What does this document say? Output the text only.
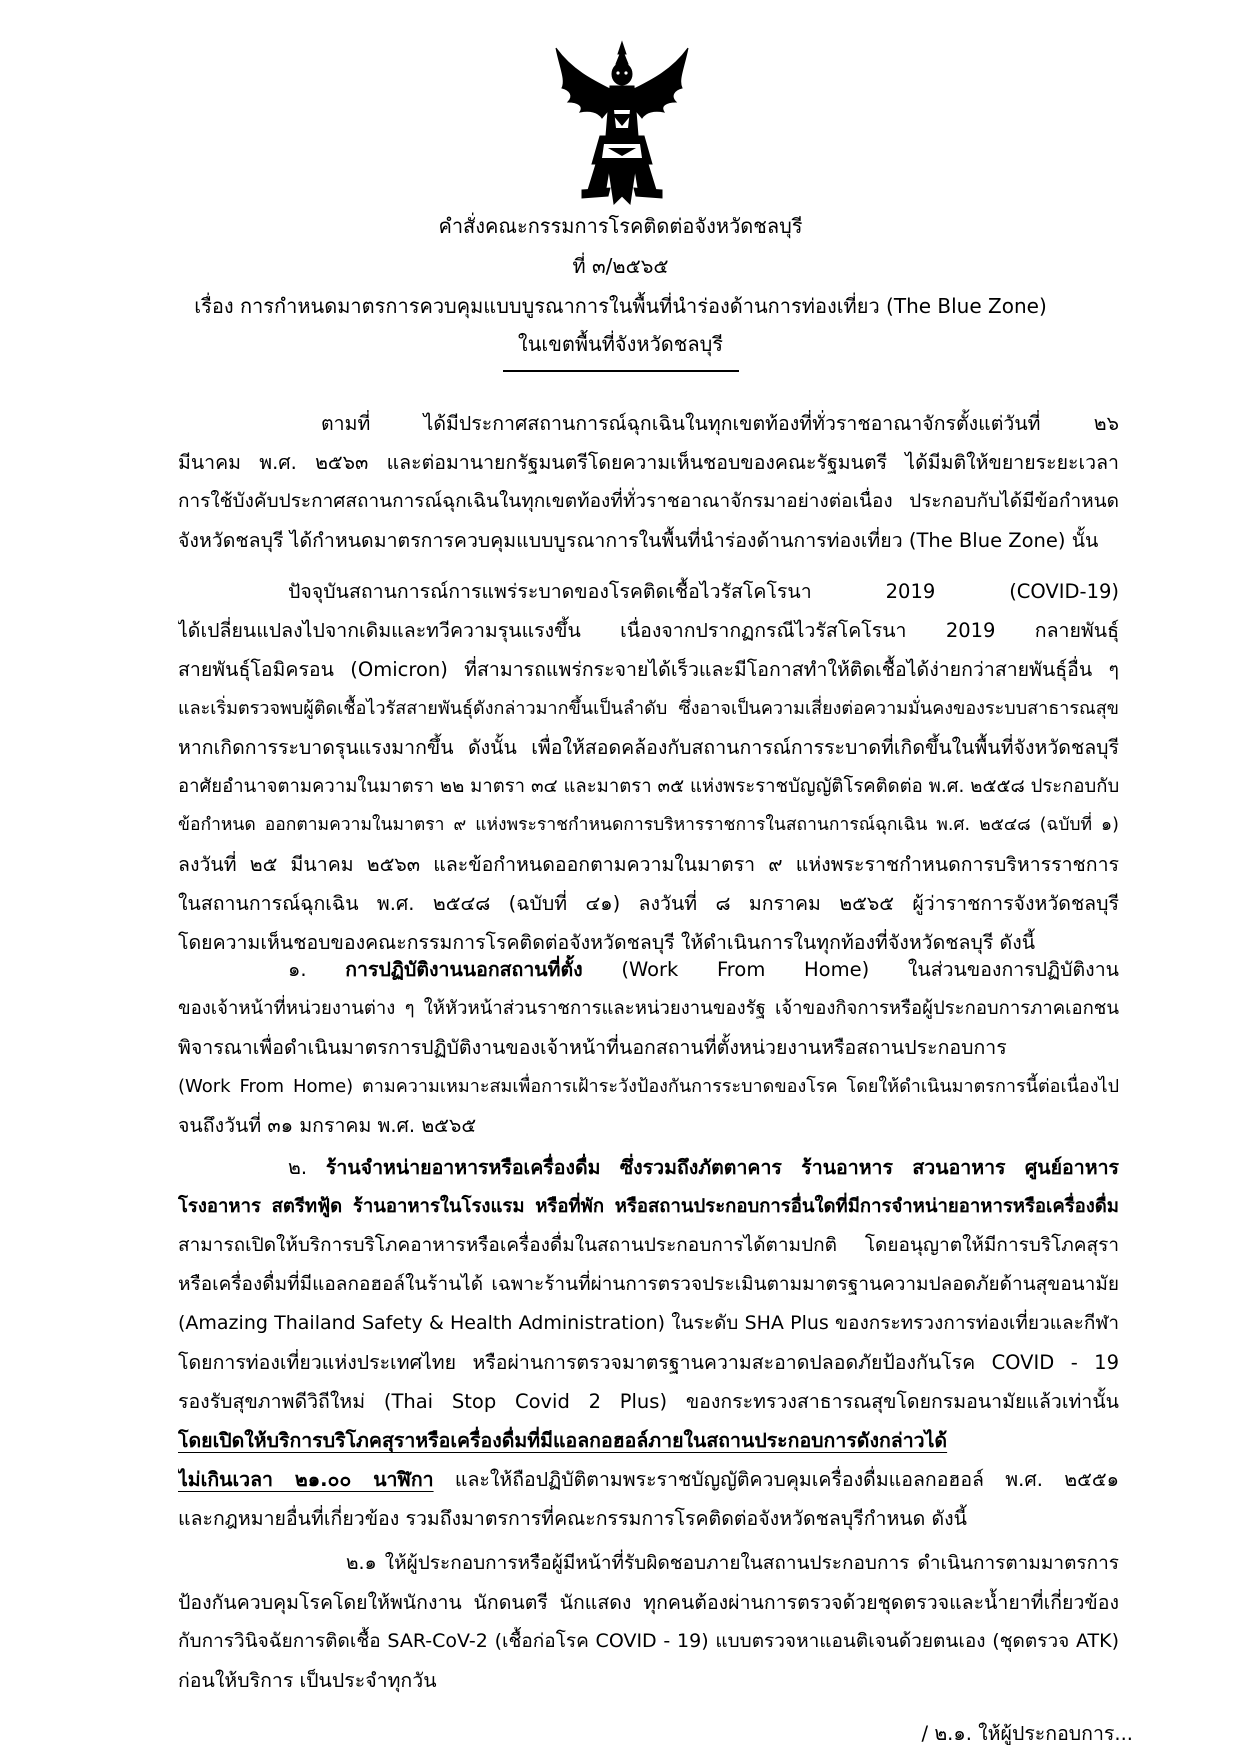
คำสั่งคณะกรรมการโรคติดต่อจังหวัดชลบุรี
ที่ ๓/๒๕๖๕
เรื่อง การกำหนดมาตรการควบคุมแบบบูรณาการในพื้นที่นำร่องด้านการท่องเที่ยว (The Blue Zone)
ในเขตพื้นที่จังหวัดชลบุรี
ตามที่ ได้มีประกาศสถานการณ์ฉุกเฉินในทุกเขตท้องที่ทั่วราชอาณาจักรตั้งแต่วันที่ ๒๖
มีนาคม พ.ศ. ๒๕๖๓ และต่อมานายกรัฐมนตรีโดยความเห็นชอบของคณะรัฐมนตรี ได้มีมติให้ขยายระยะเวลา
การใช้บังคับประกาศสถานการณ์ฉุกเฉินในทุกเขตท้องที่ทั่วราชอาณาจักรมาอย่างต่อเนื่อง ประกอบกับได้มีข้อกำหนด
จังหวัดชลบุรี ได้กำหนดมาตรการควบคุมแบบบูรณาการในพื้นที่นำร่องด้านการท่องเที่ยว (The Blue Zone) นั้น
ปัจจุบันสถานการณ์การแพร่ระบาดของโรคติดเชื้อไวรัสโคโรนา 2019 (COVID-19)
ได้เปลี่ยนแปลงไปจากเดิมและทวีความรุนแรงขึ้น เนื่องจากปรากฏกรณีไวรัสโคโรนา 2019 กลายพันธุ์
สายพันธุ์โอมิครอน (Omicron) ที่สามารถแพร่กระจายได้เร็วและมีโอกาสทำให้ติดเชื้อได้ง่ายกว่าสายพันธุ์อื่น ๆ
และเริ่มตรวจพบผู้ติดเชื้อไวรัสสายพันธุ์ดังกล่าวมากขึ้นเป็นลำดับ ซึ่งอาจเป็นความเสี่ยงต่อความมั่นคงของระบบสาธารณสุข
หากเกิดการระบาดรุนแรงมากขึ้น ดังนั้น เพื่อให้สอดคล้องกับสถานการณ์การระบาดที่เกิดขึ้นในพื้นที่จังหวัดชลบุรี
อาศัยอำนาจตามความในมาตรา ๒๒ มาตรา ๓๔ และมาตรา ๓๕ แห่งพระราชบัญญัติโรคติดต่อ พ.ศ. ๒๕๕๘ ประกอบกับ
ข้อกำหนด ออกตามความในมาตรา ๙ แห่งพระราชกำหนดการบริหารราชการในสถานการณ์ฉุกเฉิน พ.ศ. ๒๕๔๘ (ฉบับที่ ๑)
ลงวันที่ ๒๕ มีนาคม ๒๕๖๓ และข้อกำหนดออกตามความในมาตรา ๙ แห่งพระราชกำหนดการบริหารราชการ
ในสถานการณ์ฉุกเฉิน พ.ศ. ๒๕๔๘ (ฉบับที่ ๔๑) ลงวันที่ ๘ มกราคม ๒๕๖๕ ผู้ว่าราชการจังหวัดชลบุรี
โดยความเห็นชอบของคณะกรรมการโรคติดต่อจังหวัดชลบุรี ให้ดำเนินการในทุกท้องที่จังหวัดชลบุรี ดังนี้
๑. การปฏิบัติงานนอกสถานที่ตั้ง (Work From Home) ในส่วนของการปฏิบัติงาน
ของเจ้าหน้าที่หน่วยงานต่าง ๆ ให้หัวหน้าส่วนราชการและหน่วยงานของรัฐ เจ้าของกิจการหรือผู้ประกอบการภาคเอกชน
พิจารณาเพื่อดำเนินมาตรการปฏิบัติงานของเจ้าหน้าที่นอกสถานที่ตั้งหน่วยงานหรือสถานประกอบการ
(Work From Home) ตามความเหมาะสมเพื่อการเฝ้าระวังป้องกันการระบาดของโรค โดยให้ดำเนินมาตรการนี้ต่อเนื่องไป
จนถึงวันที่ ๓๑ มกราคม พ.ศ. ๒๕๖๕
๒. ร้านจำหน่ายอาหารหรือเครื่องดื่ม ซึ่งรวมถึงภัตตาคาร ร้านอาหาร สวนอาหาร ศูนย์อาหาร
โรงอาหาร สตรีทฟู้ด ร้านอาหารในโรงแรม หรือที่พัก หรือสถานประกอบการอื่นใดที่มีการจำหน่ายอาหารหรือเครื่องดื่ม
สามารถเปิดให้บริการบริโภคอาหารหรือเครื่องดื่มในสถานประกอบการได้ตามปกติ โดยอนุญาตให้มีการบริโภคสุรา
หรือเครื่องดื่มที่มีแอลกอฮอล์ในร้านได้ เฉพาะร้านที่ผ่านการตรวจประเมินตามมาตรฐานความปลอดภัยด้านสุขอนามัย
(Amazing Thailand Safety & Health Administration) ในระดับ SHA Plus ของกระทรวงการท่องเที่ยวและกีฬา
โดยการท่องเที่ยวแห่งประเทศไทย หรือผ่านการตรวจมาตรฐานความสะอาดปลอดภัยป้องกันโรค COVID - 19
รองรับสุขภาพดีวิถีใหม่ (Thai Stop Covid 2 Plus) ของกระทรวงสาธารณสุขโดยกรมอนามัยแล้วเท่านั้น
โดยเปิดให้บริการบริโภคสุราหรือเครื่องดื่มที่มีแอลกอฮอล์ภายในสถานประกอบการดังกล่าวได้
ไม่เกินเวลา ๒๑.๐๐ นาฬิกา และให้ถือปฏิบัติตามพระราชบัญญัติควบคุมเครื่องดื่มแอลกอฮอล์ พ.ศ. ๒๕๕๑
และกฎหมายอื่นที่เกี่ยวข้อง รวมถึงมาตรการที่คณะกรรมการโรคติดต่อจังหวัดชลบุรีกำหนด ดังนี้
๒.๑ ให้ผู้ประกอบการหรือผู้มีหน้าที่รับผิดชอบภายในสถานประกอบการ ดำเนินการตามมาตรการ
ป้องกันควบคุมโรคโดยให้พนักงาน นักดนตรี นักแสดง ทุกคนต้องผ่านการตรวจด้วยชุดตรวจและน้ำยาที่เกี่ยวข้อง
กับการวินิจฉัยการติดเชื้อ SAR-CoV-2 (เชื้อก่อโรค COVID - 19) แบบตรวจหาแอนติเจนด้วยตนเอง (ชุดตรวจ ATK)
ก่อนให้บริการ เป็นประจำทุกวัน
/ ๒.๑. ให้ผู้ประกอบการ...
